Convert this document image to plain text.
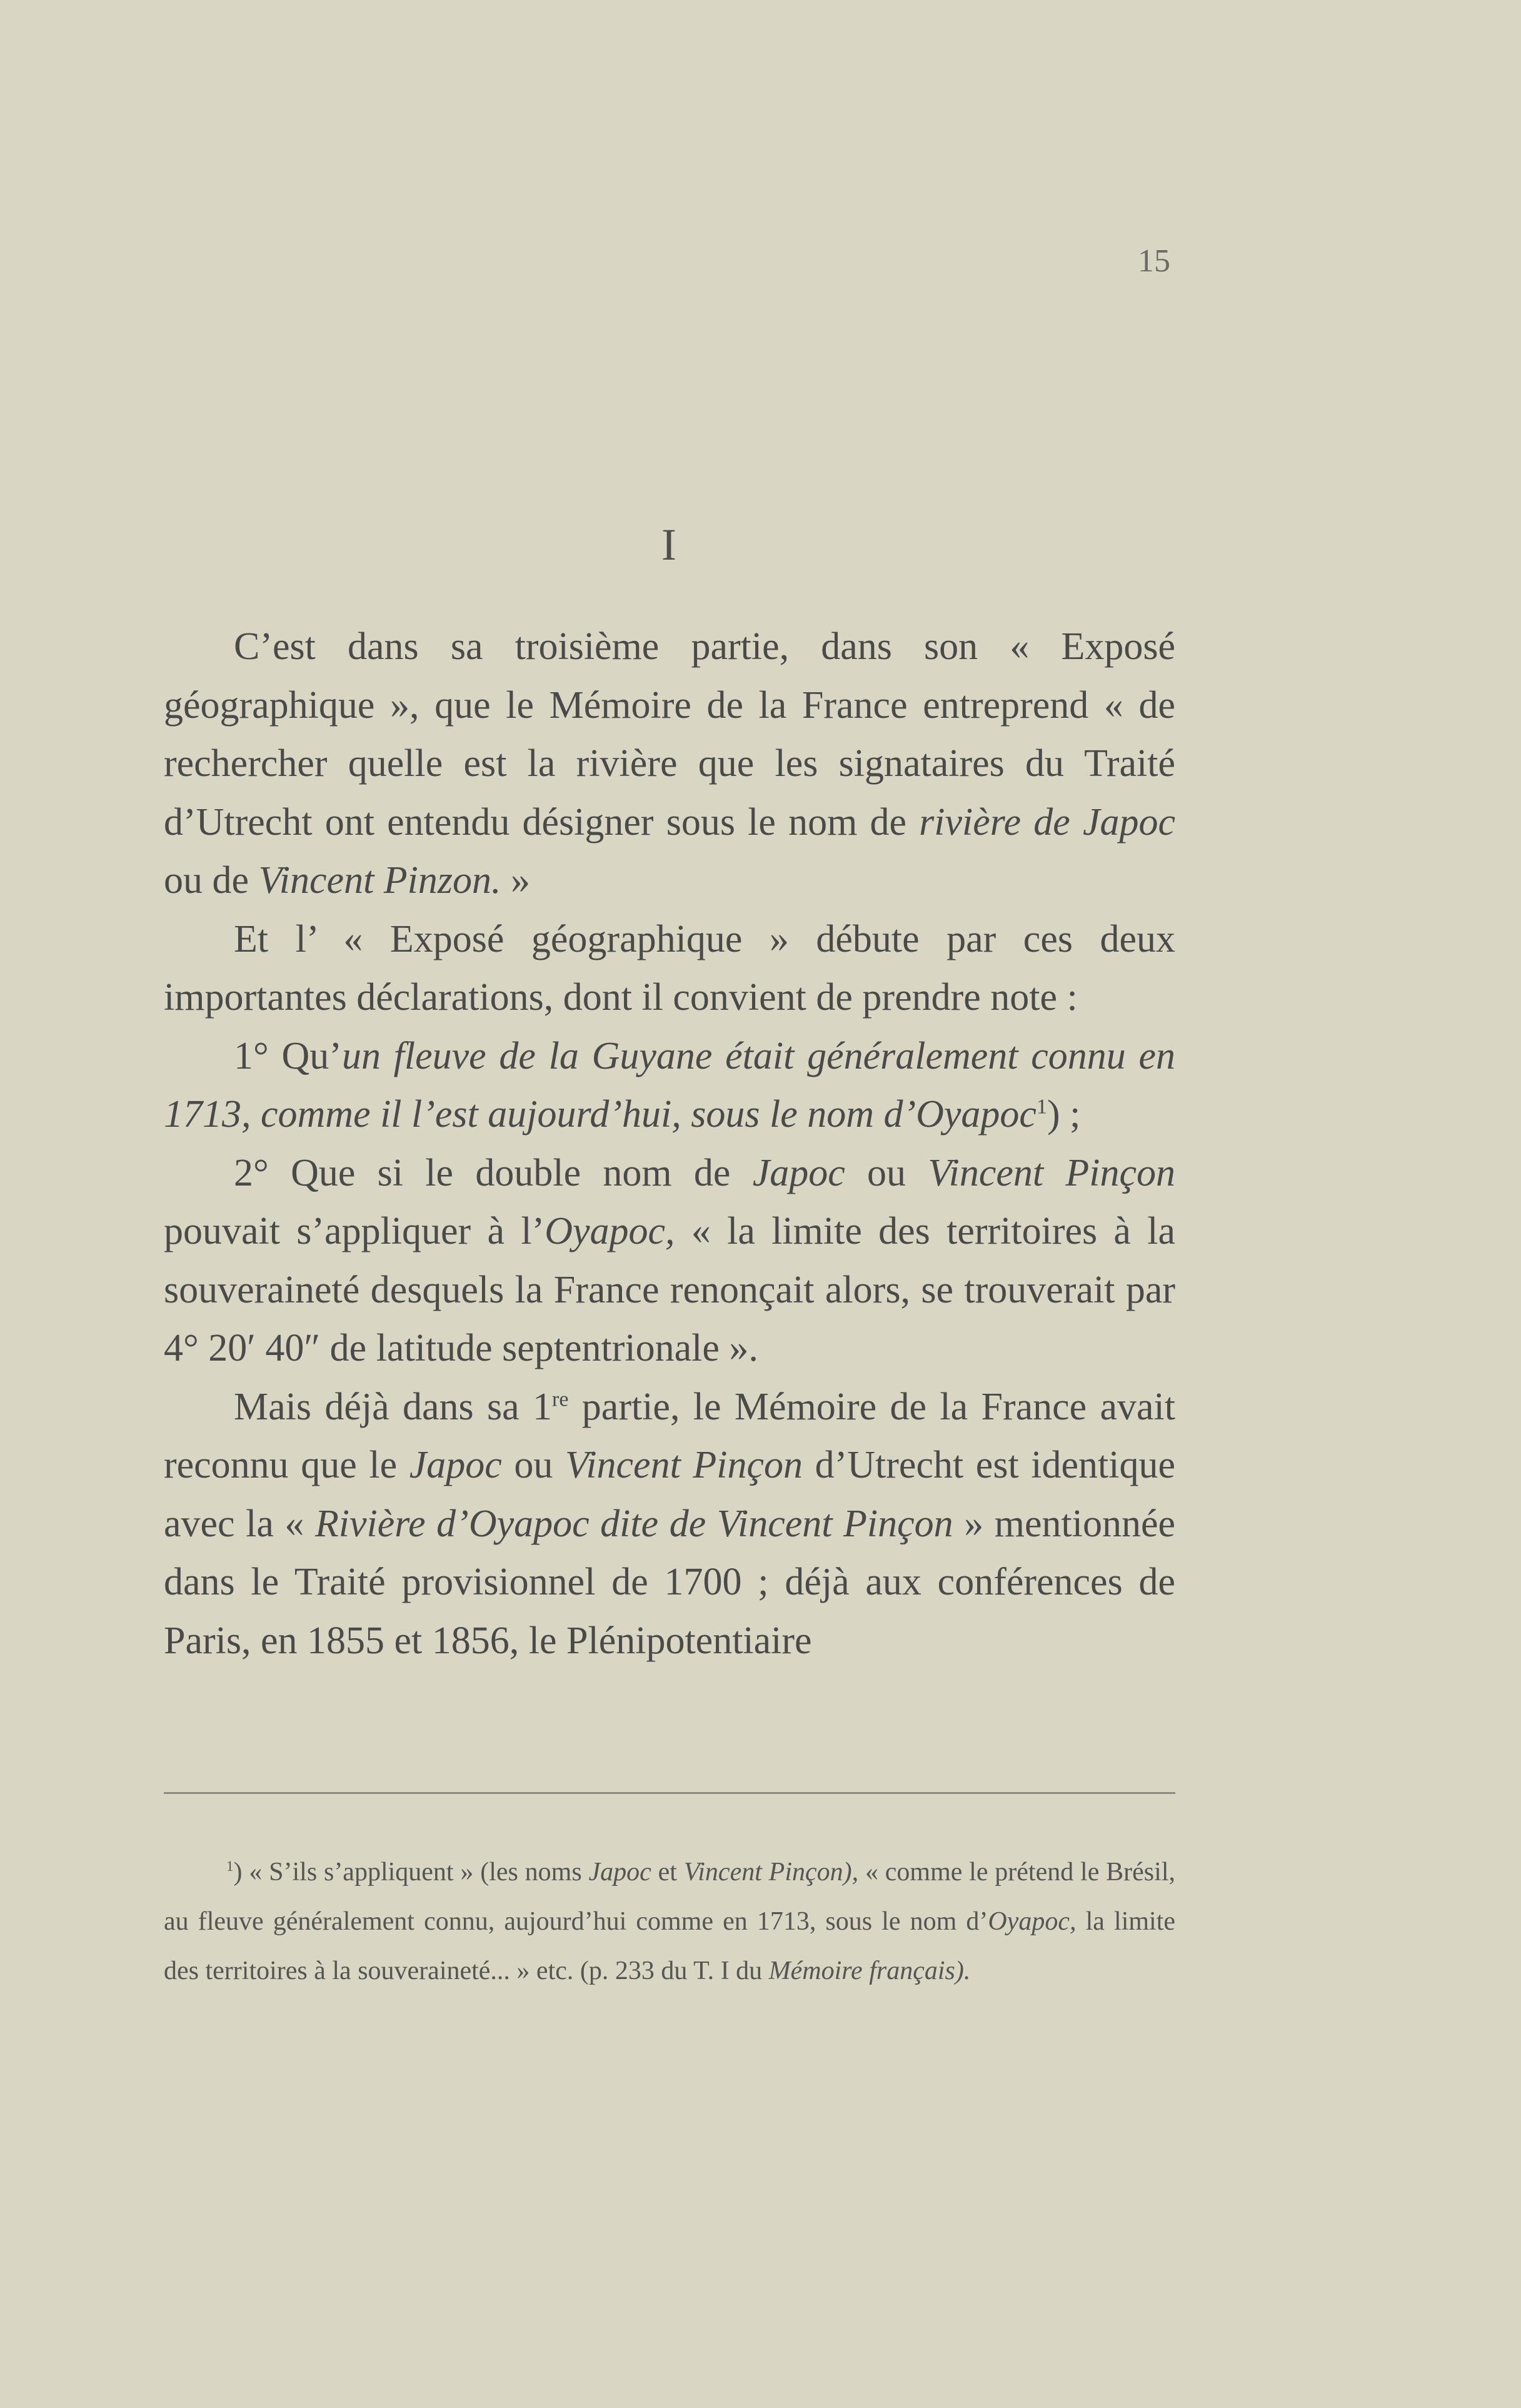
15
I

C’est dans sa troisième partie, dans son « Exposé géographique », que le Mémoire de la France entreprend « de rechercher quelle est la rivière que les signataires du Traité d’Utrecht ont entendu désigner sous le nom de rivière de Japoc ou de Vincent Pinzon. »

Et l’ « Exposé géographique » débute par ces deux importantes déclarations, dont il convient de prendre note :

1° Qu’un fleuve de la Guyane était généralement connu en 1713, comme il l’est aujourd’hui, sous le nom d’Oyapoc$^1$) ;

2° Que si le double nom de Japoc ou Vincent Pinçon pouvait s’appliquer à l’Oyapoc, « la limite des territoires à la souveraineté desquels la France renonçait alors, se trouverait par 4° 20′ 40″ de latitude septentrionale ».

Mais déjà dans sa 1re partie, le Mémoire de la France avait reconnu que le Japoc ou Vincent Pinçon d’Utrecht est identique avec la « Rivière d’Oyapoc dite de Vincent Pinçon » mentionnée dans le Traité provisionnel de 1700 ; déjà aux conférences de Paris, en 1855 et 1856, le Plénipotentiaire

$^1$) « S’ils s’appliquent » (les noms Japoc et Vincent Pinçon), « comme le prétend le Brésil, au fleuve généralement connu, aujourd’hui comme en 1713, sous le nom d’Oyapoc, la limite des territoires à la souveraineté... » etc. (p. 233 du T. I du Mémoire français).
